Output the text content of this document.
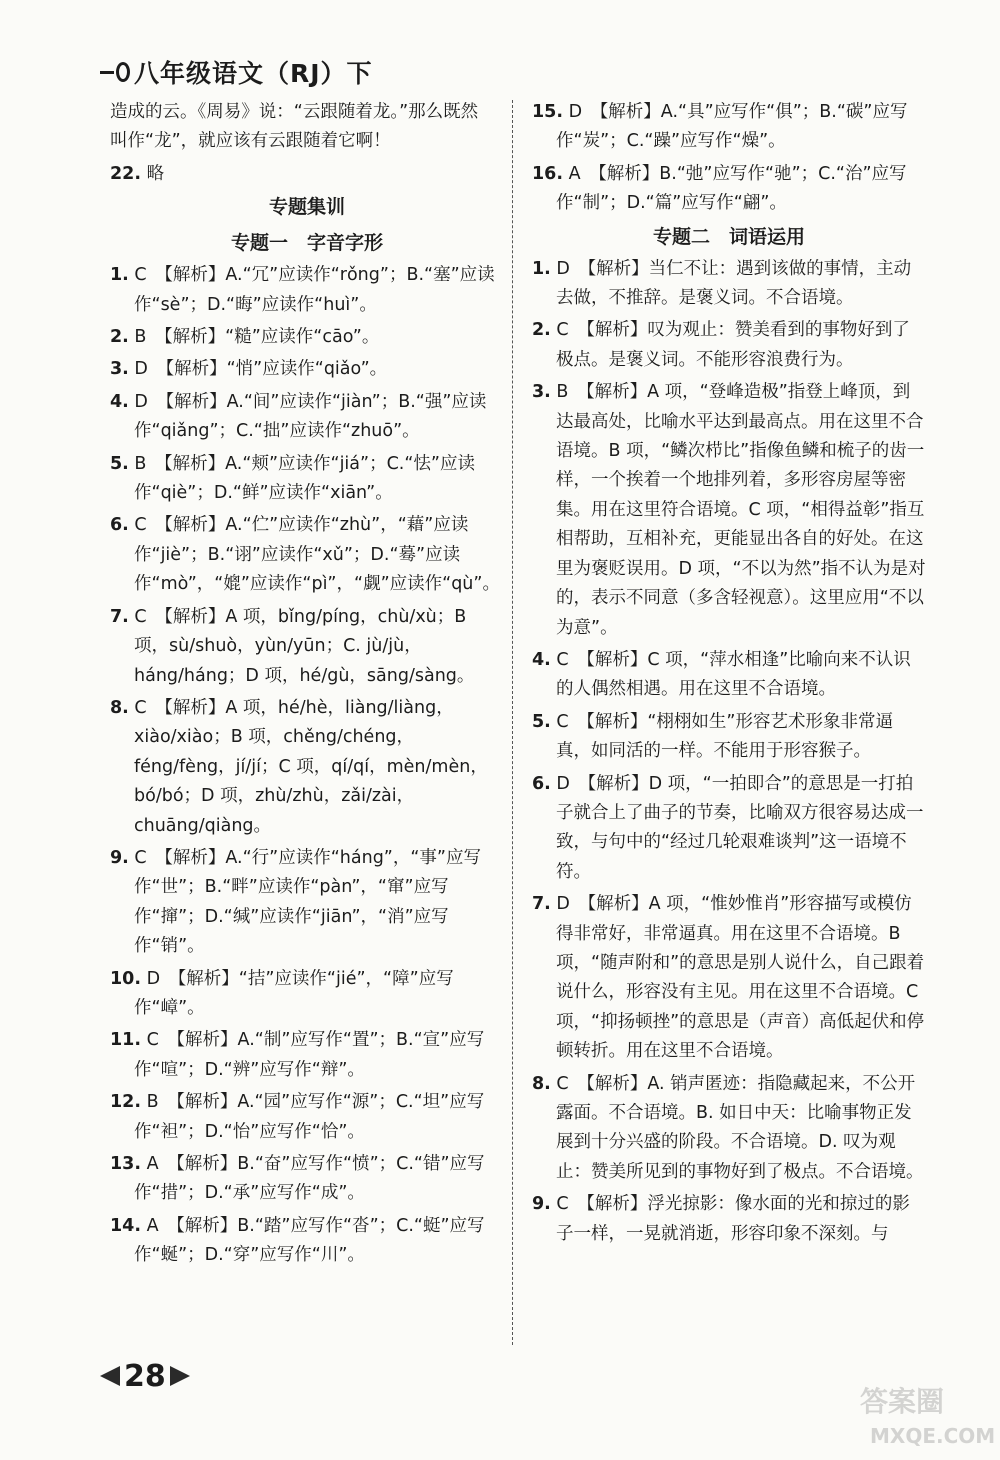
八年级语文（RJ）下

造成的云。《周易》说：“云跟随着龙。”那么既然

叫作“龙”，就应该有云跟随着它啊！

22. 略

专题集训

专题一　字音字形

1. C　【解析】A.“冗”应读作“rǒng”；B.“塞”应读作“sè”；D.“晦”应读作“huì”。

2. B　【解析】“糙”应读作“cāo”。

3. D　【解析】“悄”应读作“qiǎo”。

4. D　【解析】A.“间”应读作“jiàn”；B.“强”应读作“qiǎng”；C.“拙”应读作“zhuō”。

5. B　【解析】A.“颊”应读作“jiá”；C.“怯”应读作“qiè”；D.“鲜”应读作“xiān”。

6. C　【解析】A.“伫”应读作“zhù”，“藉”应读作“jiè”；B.“诩”应读作“xǔ”；D.“蓦”应读作“mò”，“媲”应读作“pì”，“觑”应读作“qù”。

7. C　【解析】A 项，bǐng/píng，chù/xù；B 项，sù/shuò，yùn/yūn；C. jù/jù，háng/háng；D 项，hé/gù，sāng/sàng。

8. C　【解析】A 项，hé/hè，liàng/liàng，xiào/xiào；B 项，chěng/chéng，féng/fèng，jí/jí；C 项，qí/qí，mèn/mèn，bó/bó；D 项，zhù/zhù，zǎi/zài，chuāng/qiàng。

9. C　【解析】A.“行”应读作“háng”，“事”应写作“世”；B.“畔”应读作“pàn”，“窜”应写作“撺”；D.“缄”应读作“jiān”，“消”应写作“销”。

10. D　【解析】“拮”应读作“jié”，“障”应写作“嶂”。

11. C　【解析】A.“制”应写作“置”；B.“宣”应写作“喧”；D.“辨”应写作“辩”。

12. B　【解析】A.“园”应写作“源”；C.“坦”应写作“袒”；D.“怡”应写作“恰”。

13. A　【解析】B.“奋”应写作“愤”；C.“错”应写作“措”；D.“承”应写作“成”。

14. A　【解析】B.“踏”应写作“沓”；C.“蜓”应写作“蜒”；D.“穿”应写作“川”。

15. D　【解析】A.“具”应写作“俱”；B.“碳”应写作“炭”；C.“躁”应写作“燥”。

16. A　【解析】B.“弛”应写作“驰”；C.“治”应写作“制”；D.“篇”应写作“翩”。

专题二　词语运用

1. D　【解析】当仁不让：遇到该做的事情，主动去做，不推辞。是褒义词。不合语境。

2. C　【解析】叹为观止：赞美看到的事物好到了极点。是褒义词。不能形容浪费行为。

3. B　【解析】A 项，“登峰造极”指登上峰顶，到达最高处，比喻水平达到最高点。用在这里不合语境。B 项，“鳞次栉比”指像鱼鳞和梳子的齿一样，一个挨着一个地排列着，多形容房屋等密集。用在这里符合语境。C 项，“相得益彰”指互相帮助，互相补充，更能显出各自的好处。在这里为褒贬误用。D 项，“不以为然”指不认为是对的，表示不同意（多含轻视意）。这里应用“不以为意”。

4. C　【解析】C 项，“萍水相逢”比喻向来不认识的人偶然相遇。用在这里不合语境。

5. C　【解析】“栩栩如生”形容艺术形象非常逼真，如同活的一样。不能用于形容猴子。

6. D　【解析】D 项，“一拍即合”的意思是一打拍子就合上了曲子的节奏，比喻双方很容易达成一致，与句中的“经过几轮艰难谈判”这一语境不符。

7. D　【解析】A 项，“惟妙惟肖”形容描写或模仿得非常好，非常逼真。用在这里不合语境。B 项，“随声附和”的意思是别人说什么，自己跟着说什么，形容没有主见。用在这里不合语境。C 项，“抑扬顿挫”的意思是（声音）高低起伏和停顿转折。用在这里不合语境。

8. C　【解析】A. 销声匿迹：指隐藏起来，不公开露面。不合语境。B. 如日中天：比喻事物正发展到十分兴盛的阶段。不合语境。D. 叹为观止：赞美所见到的事物好到了极点。不合语境。

9. C　【解析】浮光掠影：像水面的光和掠过的影子一样，一晃就消逝，形容印象不深刻。与

28
答案圈
MXQE.COM
